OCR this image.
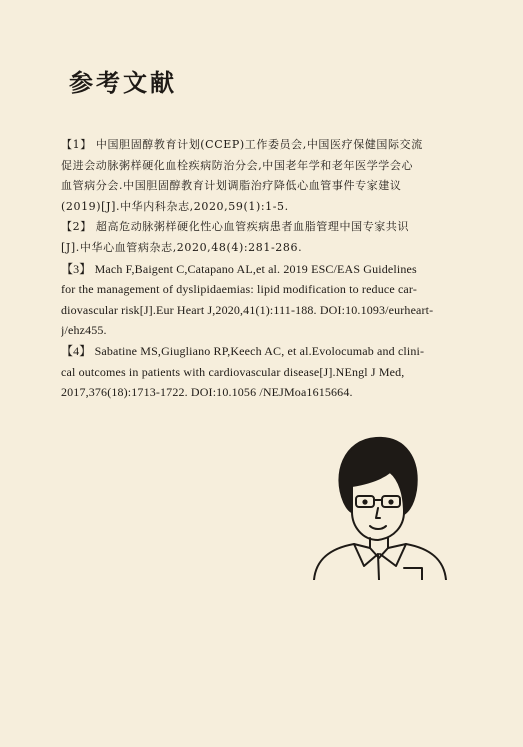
参考文献
【1】 中国胆固醇教育计划(CCEP)工作委员会,中国医疗保健国际交流
促进会动脉粥样硬化血栓疾病防治分会,中国老年学和老年医学学会心
血管病分会.中国胆固醇教育计划调脂治疗降低心血管事件专家建议
(2019)[J].中华内科杂志,2020,59(1):1-5.
【2】 超高危动脉粥样硬化性心血管疾病患者血脂管理中国专家共识
[J].中华心血管病杂志,2020,48(4):281-286.
【3】 Mach F,Baigent C,Catapano AL,et al. 2019 ESC/EAS Guidelines
for the management of dyslipidaemias: lipid modification to reduce car-
diovascular risk[J].Eur Heart J,2020,41(1):111-188. DOI:10.1093/eurheart-
j/ehz455.
【4】 Sabatine MS,Giugliano RP,Keech AC, et al.Evolocumab and clini-
cal outcomes in patients with cardiovascular disease[J].NEngl J Med,
2017,376(18):1713-1722. DOI:10.1056 /NEJMoa1615664.
